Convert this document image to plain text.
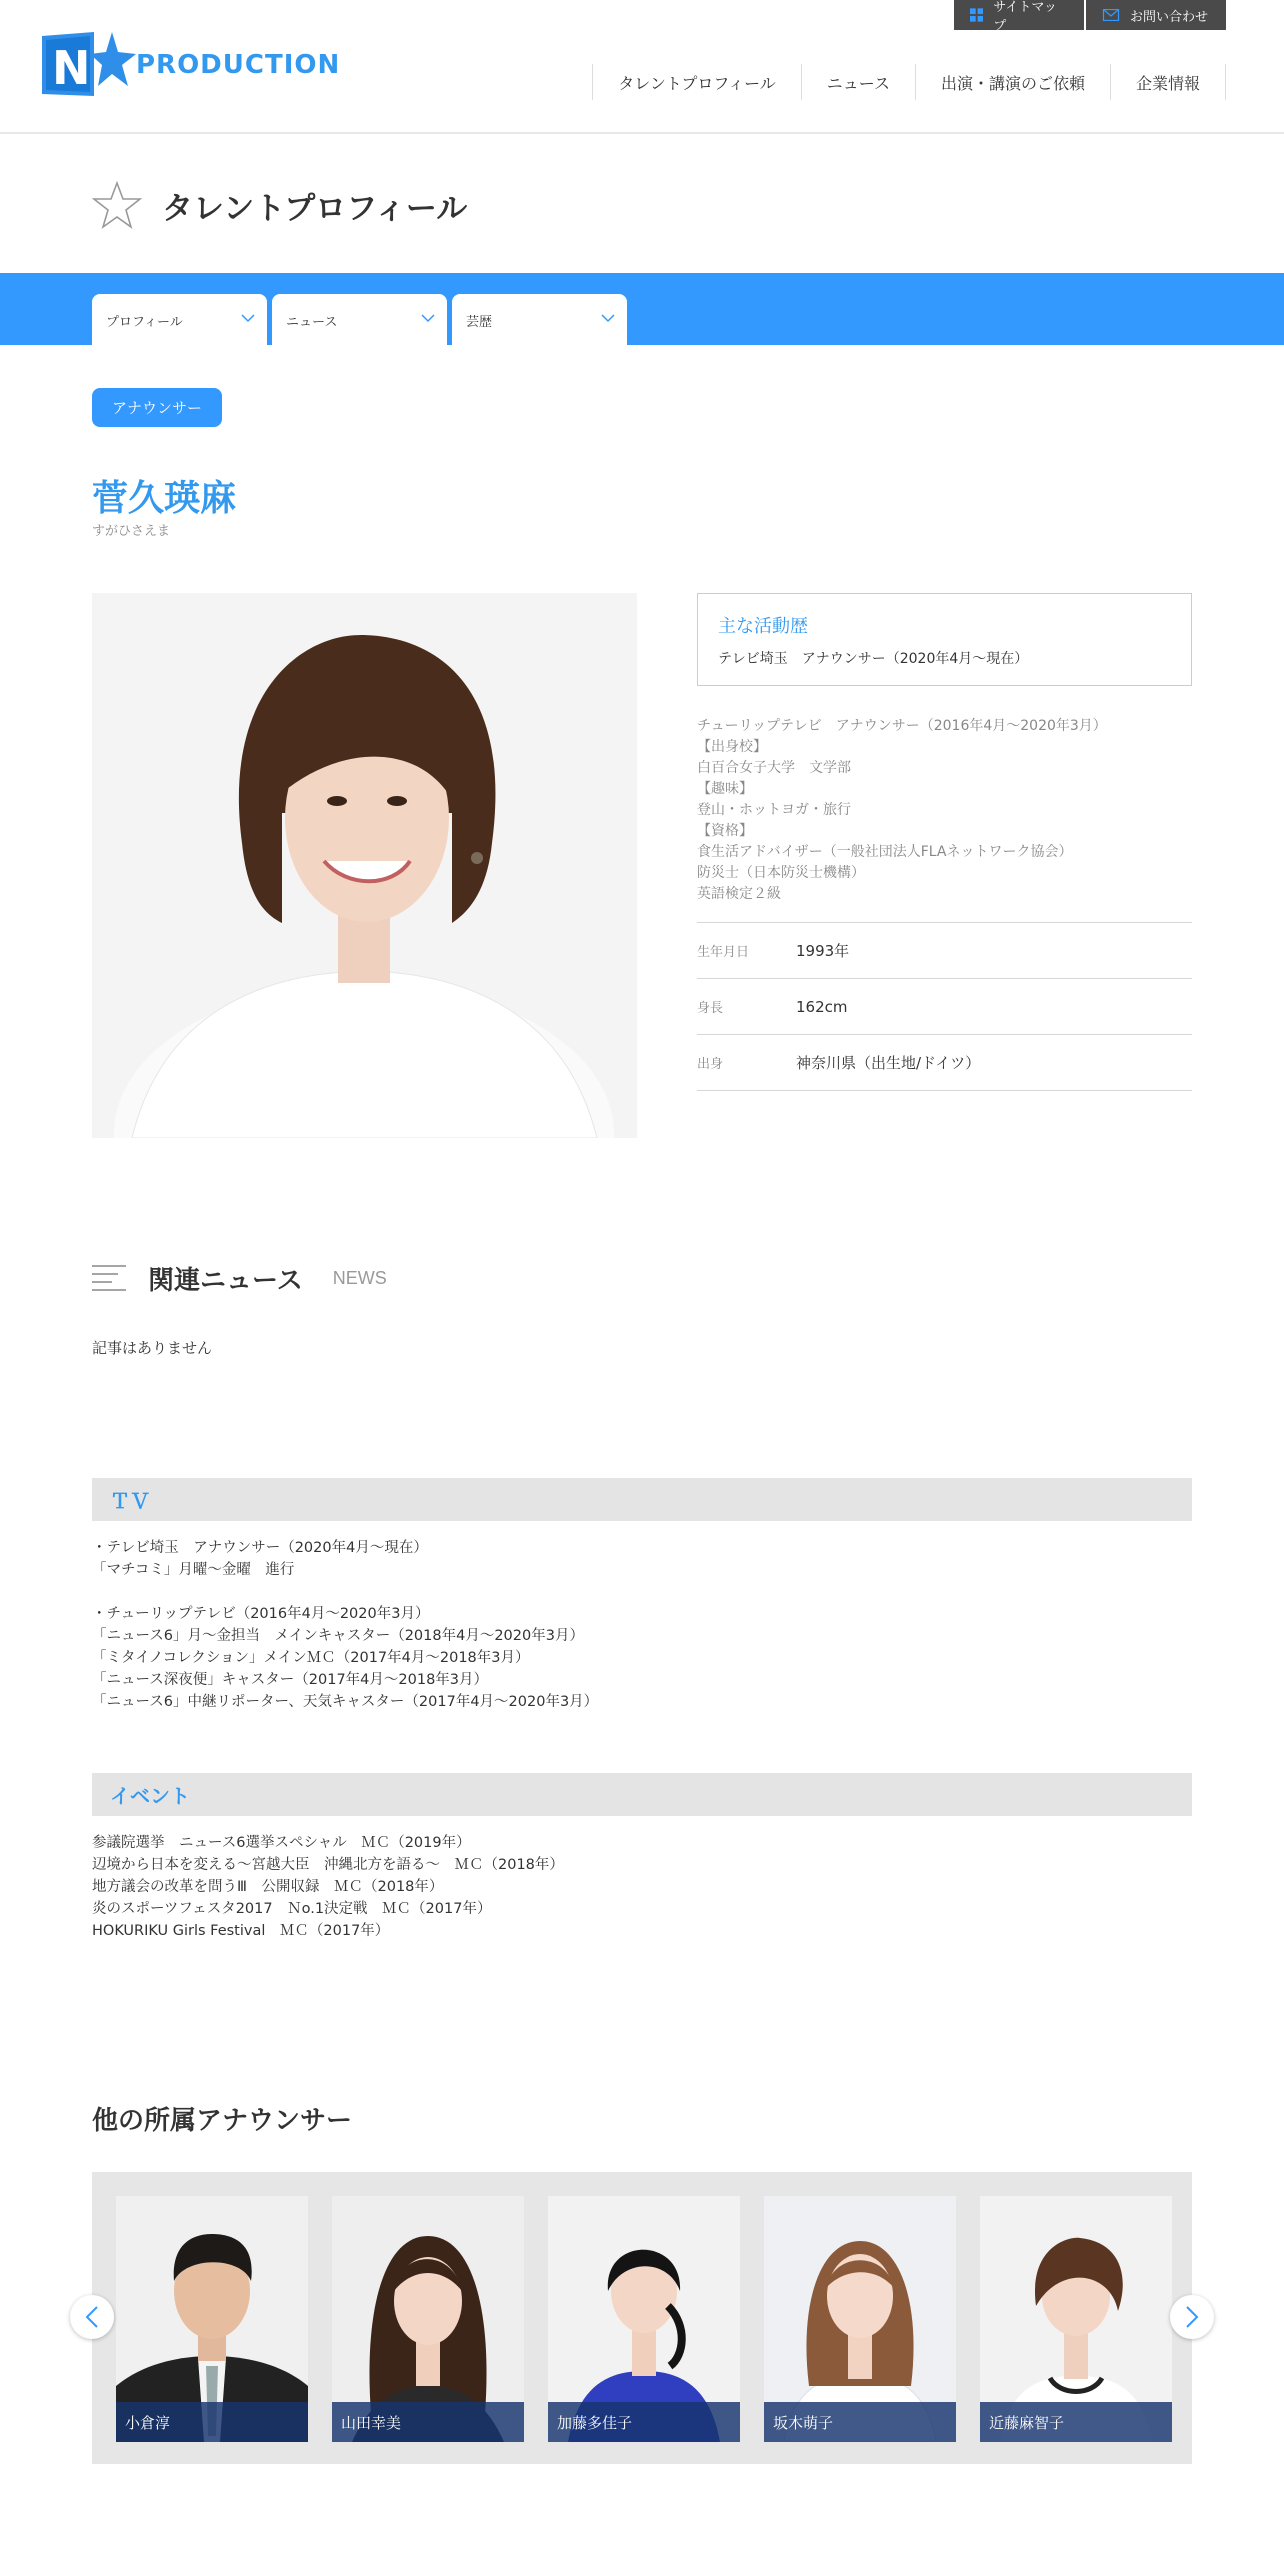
N PRODUCTION
サイトマップ
お問い合わせ
タレントプロフィール	ニュース	出演・講演のご依頼	企業情報
タレントプロフィール
プロフィール	ニュース	芸歴
アナウンサー
菅久瑛麻
すがひさえま
主な活動歴
テレビ埼玉　アナウンサー（2020年4月～現在）
チューリップテレビ　アナウンサー（2016年4月～2020年3月）
【出身校】
白百合女子大学　文学部
【趣味】
登山・ホットヨガ・旅行
【資格】
食生活アドバイザー（一般社団法人FLAネットワーク協会）
防災士（日本防災士機構）
英語検定２級
生年月日	1993年
身長	162cm
出身	神奈川県（出生地/ドイツ）
関連ニュース NEWS
記事はありません
ＴＶ
・テレビ埼玉　アナウンサー（2020年4月～現在）
「マチコミ」月曜～金曜　進行
・チューリップテレビ（2016年4月～2020年3月）
「ニュース6」月～金担当　メインキャスター（2018年4月～2020年3月）
「ミタイノコレクション」メインＭＣ（2017年4月～2018年3月）
「ニュース深夜便」キャスター（2017年4月～2018年3月）
「ニュース6」中継リポーター、天気キャスター（2017年4月～2020年3月）
イベント
参議院選挙　ニュース6選挙スペシャル　ＭＣ（2019年）
辺境から日本を変える～宮越大臣　沖縄北方を語る～　ＭＣ（2018年）
地方議会の改革を問うⅢ　公開収録　ＭＣ（2018年）
炎のスポーツフェスタ2017　Ｎo.1決定戦　ＭＣ（2017年）
HOKURIKU Girls Festival　ＭＣ（2017年）
他の所属アナウンサー
小倉淳	山田幸美	加藤多佳子	坂木萌子	近藤麻智子
